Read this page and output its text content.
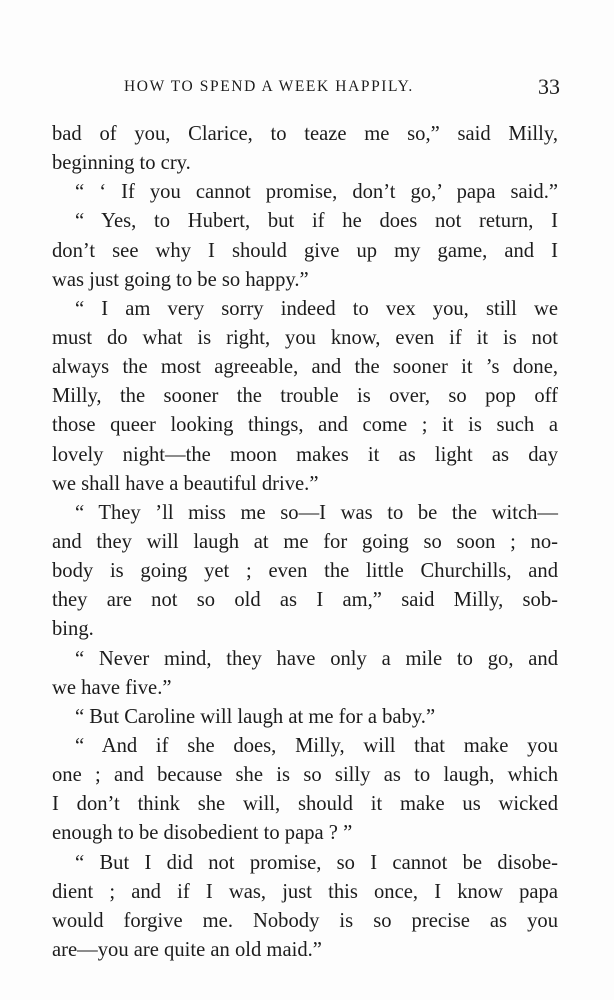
HOW TO SPEND A WEEK HAPPILY.	33
bad of you, Clarice, to teaze me so,” said Milly,
beginning to cry.
“ ‘ If you cannot promise, don’t go,’ papa said.”
“ Yes, to Hubert, but if he does not return, I
don’t see why I should give up my game, and I
was just going to be so happy.”
“ I am very sorry indeed to vex you, still we
must do what is right, you know, even if it is not
always the most agreeable, and the sooner it ’s done,
Milly, the sooner the trouble is over, so pop off
those queer looking things, and come ; it is such a
lovely night—the moon makes it as light as day
we shall have a beautiful drive.”
“ They ’ll miss me so—I was to be the witch—
and they will laugh at me for going so soon ; no-
body is going yet ; even the little Churchills, and
they are not so old as I am,” said Milly, sob-
bing.
“ Never mind, they have only a mile to go, and
we have five.”
“ But Caroline will laugh at me for a baby.”
“ And if she does, Milly, will that make you
one ; and because she is so silly as to laugh, which
I don’t think she will, should it make us wicked
enough to be disobedient to papa ? ”
“ But I did not promise, so I cannot be disobe-
dient ; and if I was, just this once, I know papa
would forgive me. Nobody is so precise as you
are—you are quite an old maid.”
